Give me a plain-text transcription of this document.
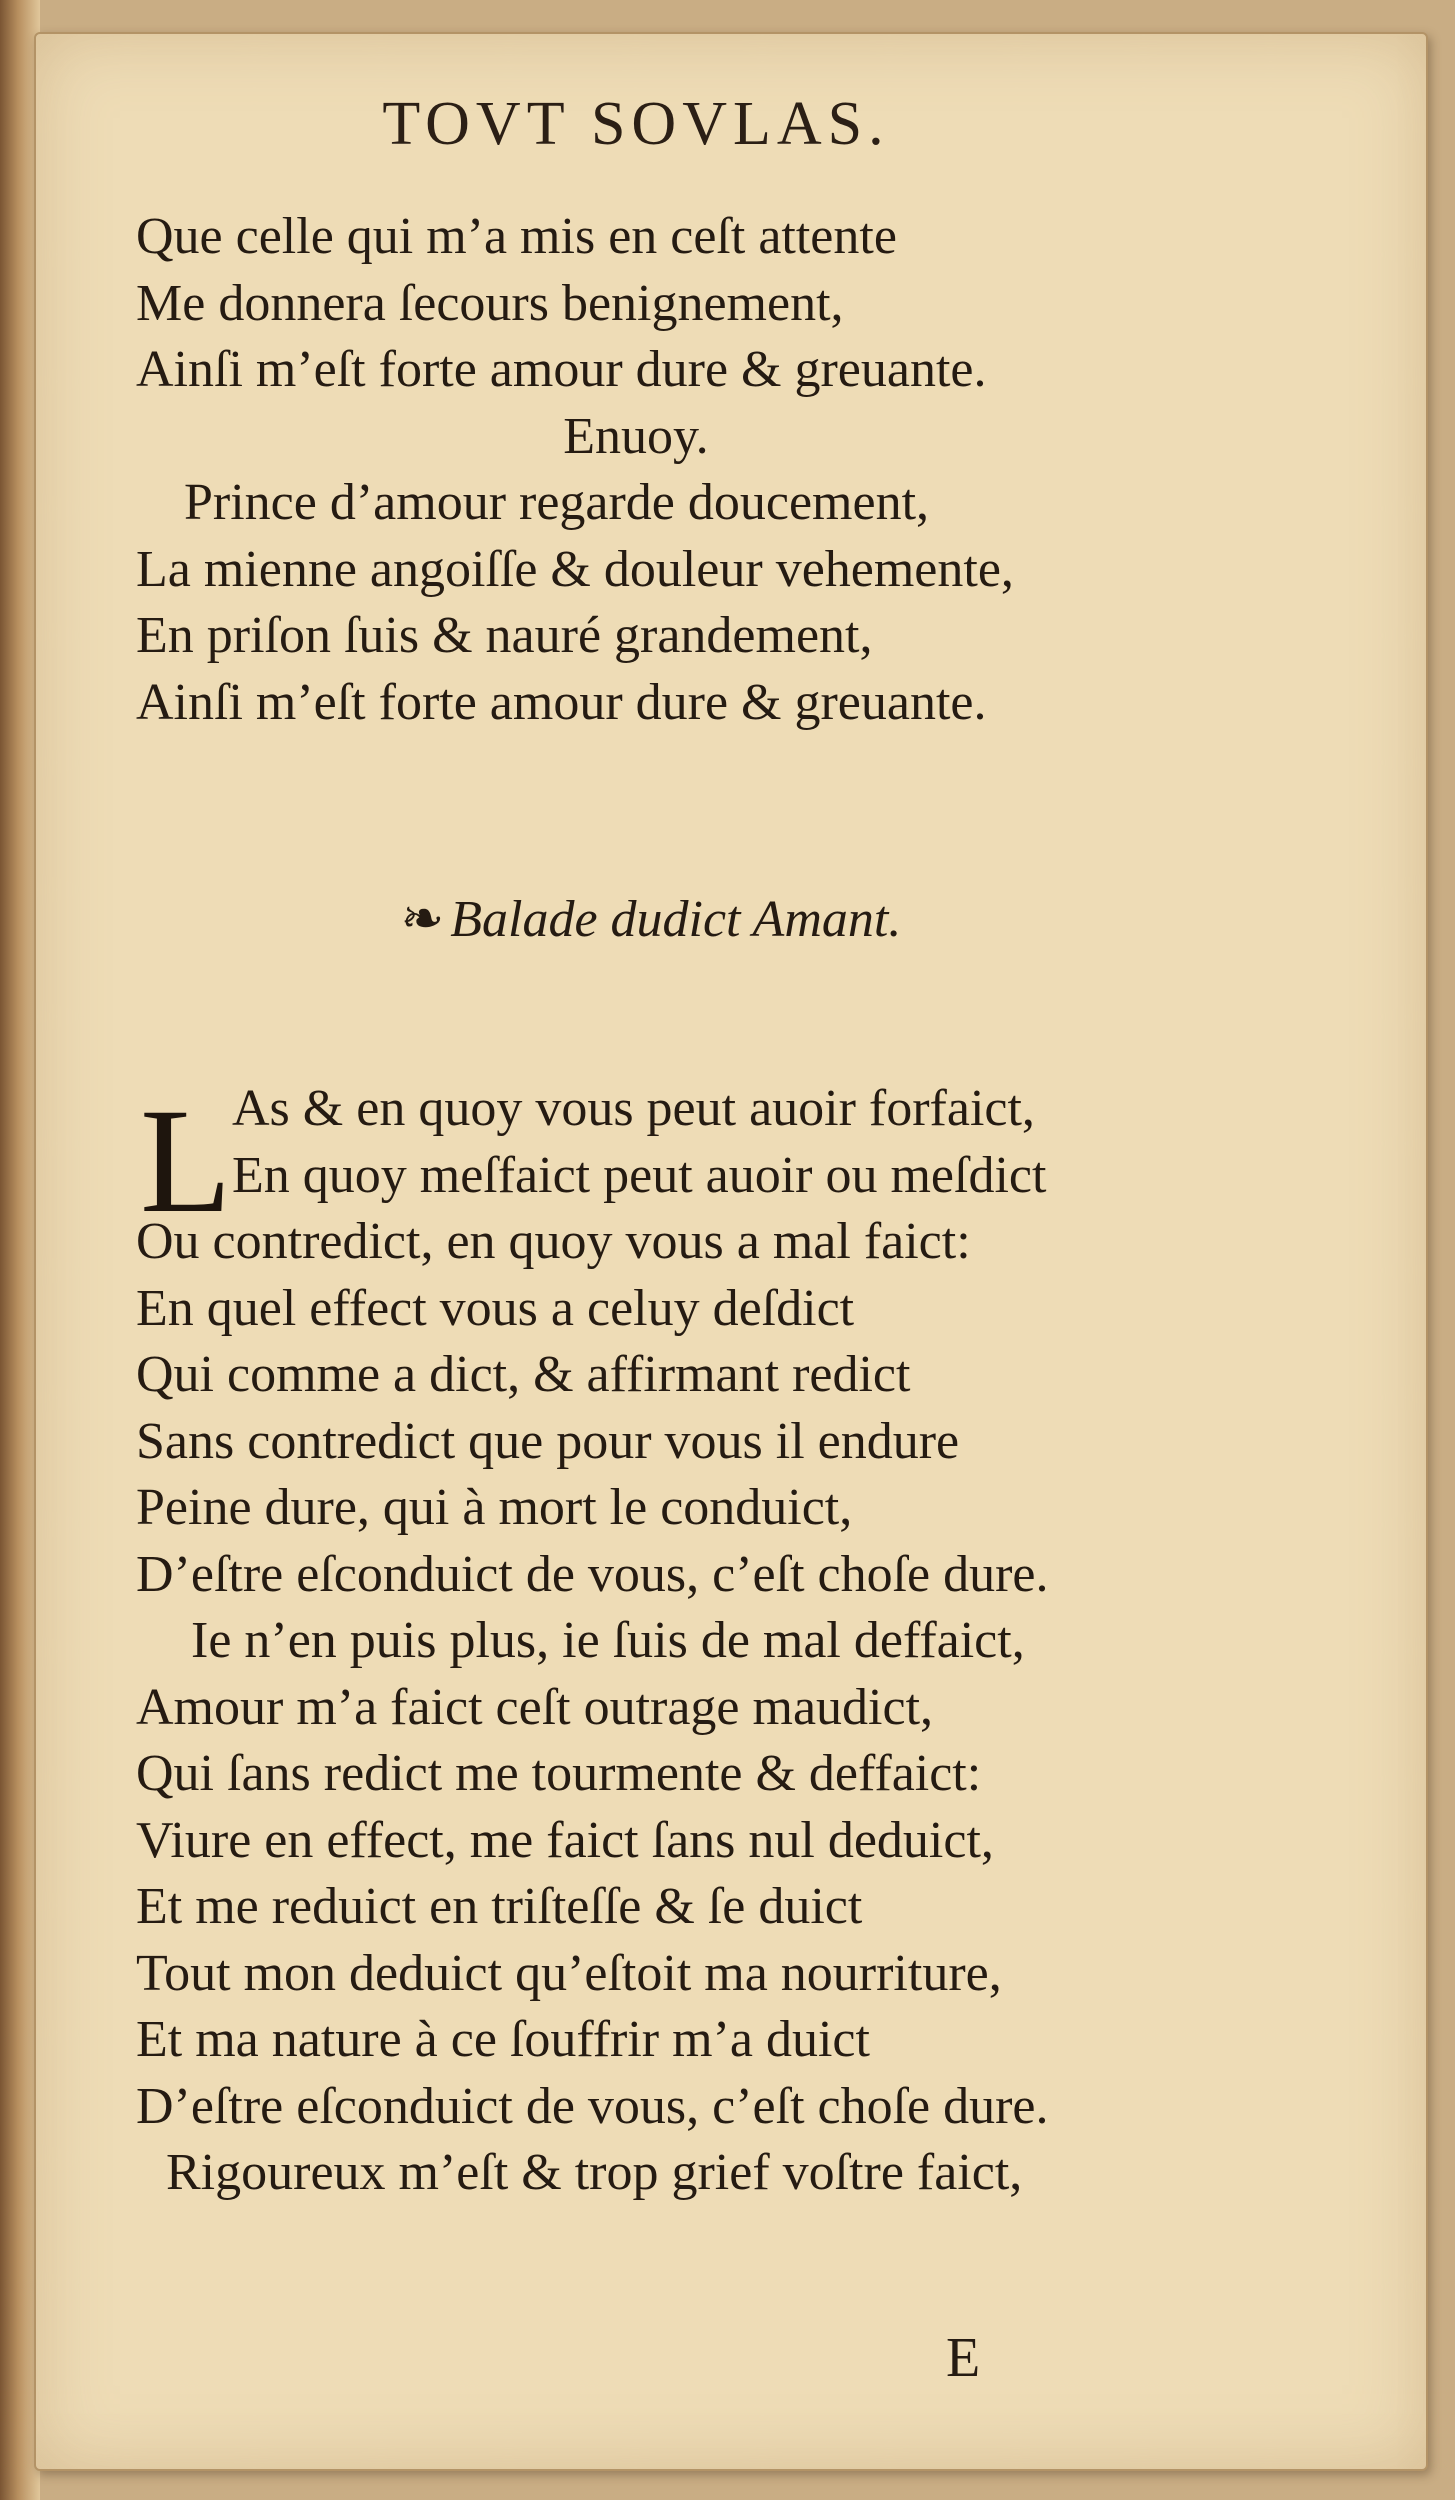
TOVT SOVLAS.

Que celle qui m’a mis en ceſt attente

Me donnera ſecours benignement,

Ainſi m’eſt forte amour dure & greuante.

Enuoy.

Prince d’amour regarde doucement,

La mienne angoiſſe & douleur vehemente,

En priſon ſuis & nauré grandement,

Ainſi m’eſt forte amour dure & greuante.

❧ Balade dudict Amant.
L As & en quoy vous peut auoir forfaict,

En quoy meſfaict peut auoir ou meſdict

Ou contredict, en quoy vous a mal faict:

En quel effect vous a celuy deſdict

Qui comme a dict, & affirmant redict

Sans contredict que pour vous il endure

Peine dure, qui à mort le conduict,

D’eſtre eſconduict de vous, c’eſt choſe dure.

Ie n’en puis plus, ie ſuis de mal deffaict,

Amour m’a faict ceſt outrage maudict,

Qui ſans redict me tourmente & deffaict:

Viure en effect, me faict ſans nul deduict,

Et me reduict en triſteſſe & ſe duict

Tout mon deduict qu’eſtoit ma nourriture,

Et ma nature à ce ſouffrir m’a duict

D’eſtre eſconduict de vous, c’eſt choſe dure.

Rigoureux m’eſt & trop grief voſtre faict,

E
